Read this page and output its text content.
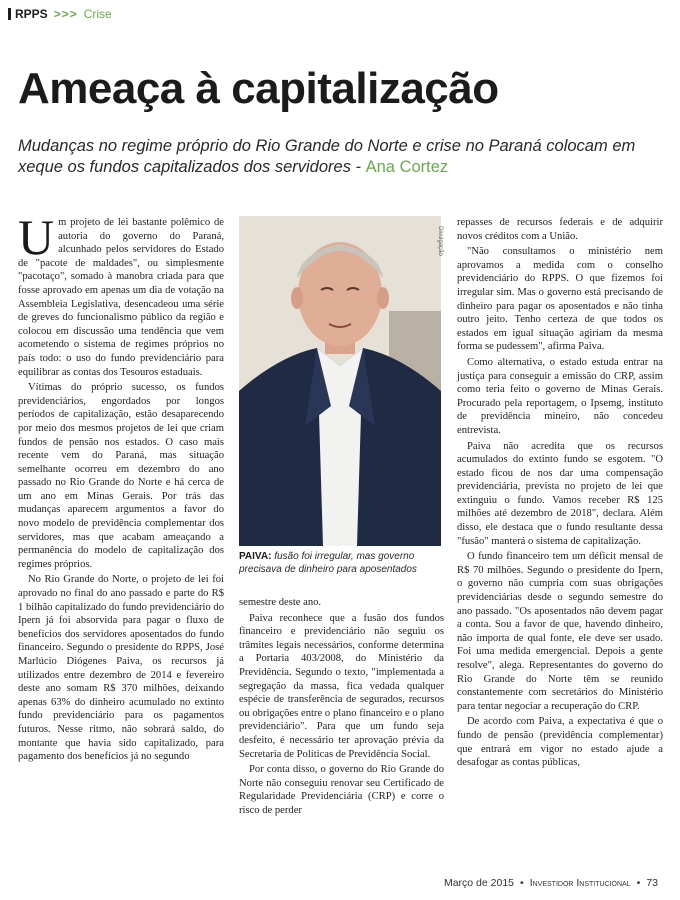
RPPS >>> Crise
Ameaça à capitalização
Mudanças no regime próprio do Rio Grande do Norte e crise no Paraná colocam em xeque os fundos capitalizados dos servidores - Ana Cortez

Um projeto de lei bastante polêmico de autoria do governo do Paraná, alcunhado pelos servidores do Estado de "pacote de maldades", ou simplesmente "pacotaço", somado à manobra criada para que fosse aprovado em apenas um dia de votação na Assembleia Legislativa, desencadeou uma série de greves do funcionalismo público da região e colocou em discussão uma tendência que vem acometendo o sistema de regimes próprios no país todo: o uso do fundo previdenciário para equilibrar as contas dos Tesouros estaduais.

Vítimas do próprio sucesso, os fundos previdenciários, engordados por longos períodos de capitalização, estão desaparecendo por meio dos mesmos projetos de lei que criam fundos de pensão nos estados. O caso mais recente vem do Paraná, mas situação semelhante ocorreu em dezembro do ano passado no Rio Grande do Norte e há cerca de um ano em Minas Gerais. Por trás das mudanças aparecem argumentos a favor do novo modelo de previdência complementar dos servidores, mas que acabam ameaçando a permanência do modelo de capitalização dos regimes próprios.

No Rio Grande do Norte, o projeto de lei foi aprovado no final do ano passado e parte do R$ 1 bilhão capitalizado do fundo previdenciário do Ipern já foi absorvida para pagar o fluxo de benefícios dos servidores aposentados do fundo financeiro. Segundo o presidente do RPPS, José Marlúcio Diógenes Paiva, os recursos já utilizados entre dezembro de 2014 e fevereiro deste ano somam R$ 370 milhões, deixando apenas 63% do dinheiro acumulado no extinto fundo previdenciário para os pagamentos futuros. Nesse ritmo, não sobrará saldo, do montante que havia sido capitalizado, para pagamento dos benefícios já no segundo

Divulgação
PAIVA: fusão foi irregular, mas governo precisava de dinheiro para aposentados

semestre deste ano.

Paiva reconhece que a fusão dos fundos financeiro e previdenciário não seguiu os trâmites legais necessários, conforme determina a Portaria 403/2008, do Ministério da Previdência. Segundo o texto, "implementada a segregação da massa, fica vedada qualquer espécie de transferência de segurados, recursos ou obrigações entre o plano financeiro e o plano previdenciário". Para que um fundo seja desfeito, é necessário ter aprovação prévia da Secretaria de Políticas de Previdência Social.

Por conta disso, o governo do Rio Grande do Norte não conseguiu renovar seu Certificado de Regularidade Previdenciária (CRP) e corre o risco de perder

repasses de recursos federais e de adquirir novos créditos com a União.

"Não consultamos o ministério nem aprovamos a medida com o conselho previdenciário do RPPS. O que fizemos foi irregular sim. Mas o governo está precisando de dinheiro para pagar os aposentados e não tinha outro jeito. Tenho certeza de que todos os estados em igual situação agiriam da mesma forma se pudessem", afirma Paiva.

Como alternativa, o estado estuda entrar na justiça para conseguir a emissão do CRP, assim como teria feito o governo de Minas Gerais. Procurado pela reportagem, o Ipsemg, instituto de previdência mineiro, não concedeu entrevista.

Paiva não acredita que os recursos acumulados do extinto fundo se esgotem. "O estado ficou de nos dar uma compensação previdenciária, prevista no projeto de lei que extinguiu o fundo. Vamos receber R$ 125 milhões até dezembro de 2018", declara. Além disso, ele destaca que o fundo resultante dessa "fusão" manterá o sistema de capitalização.

O fundo financeiro tem um déficit mensal de R$ 70 milhões. Segundo o presidente do Ipern, o governo não cumpria com suas obrigações previdenciárias desde o segundo semestre do ano passado. "Os aposentados não devem pagar a conta. Sou a favor de que, havendo dinheiro, não importa de qual fonte, ele deve ser usado. Foi uma medida emergencial. Depois a gente resolve", alega. Representantes do governo do Rio Grande do Norte têm se reunido constantemente com secretários do Ministério para tentar negociar a recuperação do CRP.

De acordo com Paiva, a expectativa é que o fundo de pensão (previdência complementar) que entrará em vigor no estado ajude a desafogar as contas públicas,

Março de 2015 • Investidor Institucional • 73
